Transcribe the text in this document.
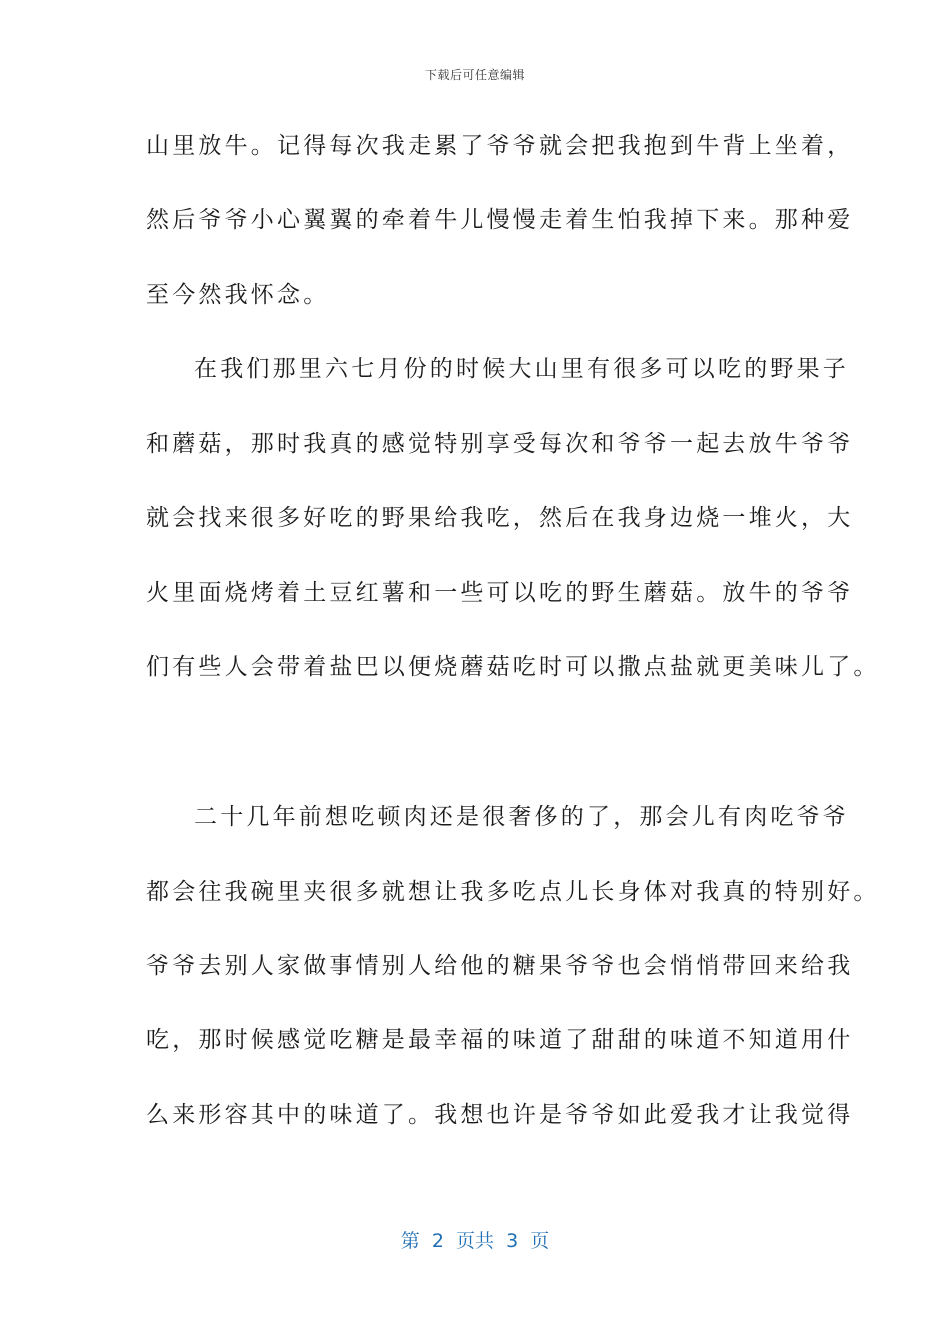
下载后可任意编辑
山里放牛。记得每次我走累了爷爷就会把我抱到牛背上坐着，
然后爷爷小心翼翼的牵着牛儿慢慢走着生怕我掉下来。那种爱
至今然我怀念。
在我们那里六七月份的时候大山里有很多可以吃的野果子
和蘑菇，那时我真的感觉特别享受每次和爷爷一起去放牛爷爷
就会找来很多好吃的野果给我吃，然后在我身边烧一堆火，大
火里面烧烤着土豆红薯和一些可以吃的野生蘑菇。放牛的爷爷
们有些人会带着盐巴以便烧蘑菇吃时可以撒点盐就更美味儿了。
二十几年前想吃顿肉还是很奢侈的了，那会儿有肉吃爷爷
都会往我碗里夹很多就想让我多吃点儿长身体对我真的特别好。
爷爷去别人家做事情别人给他的糖果爷爷也会悄悄带回来给我
吃，那时候感觉吃糖是最幸福的味道了甜甜的味道不知道用什
么来形容其中的味道了。我想也许是爷爷如此爱我才让我觉得
第  2  页共  3  页
